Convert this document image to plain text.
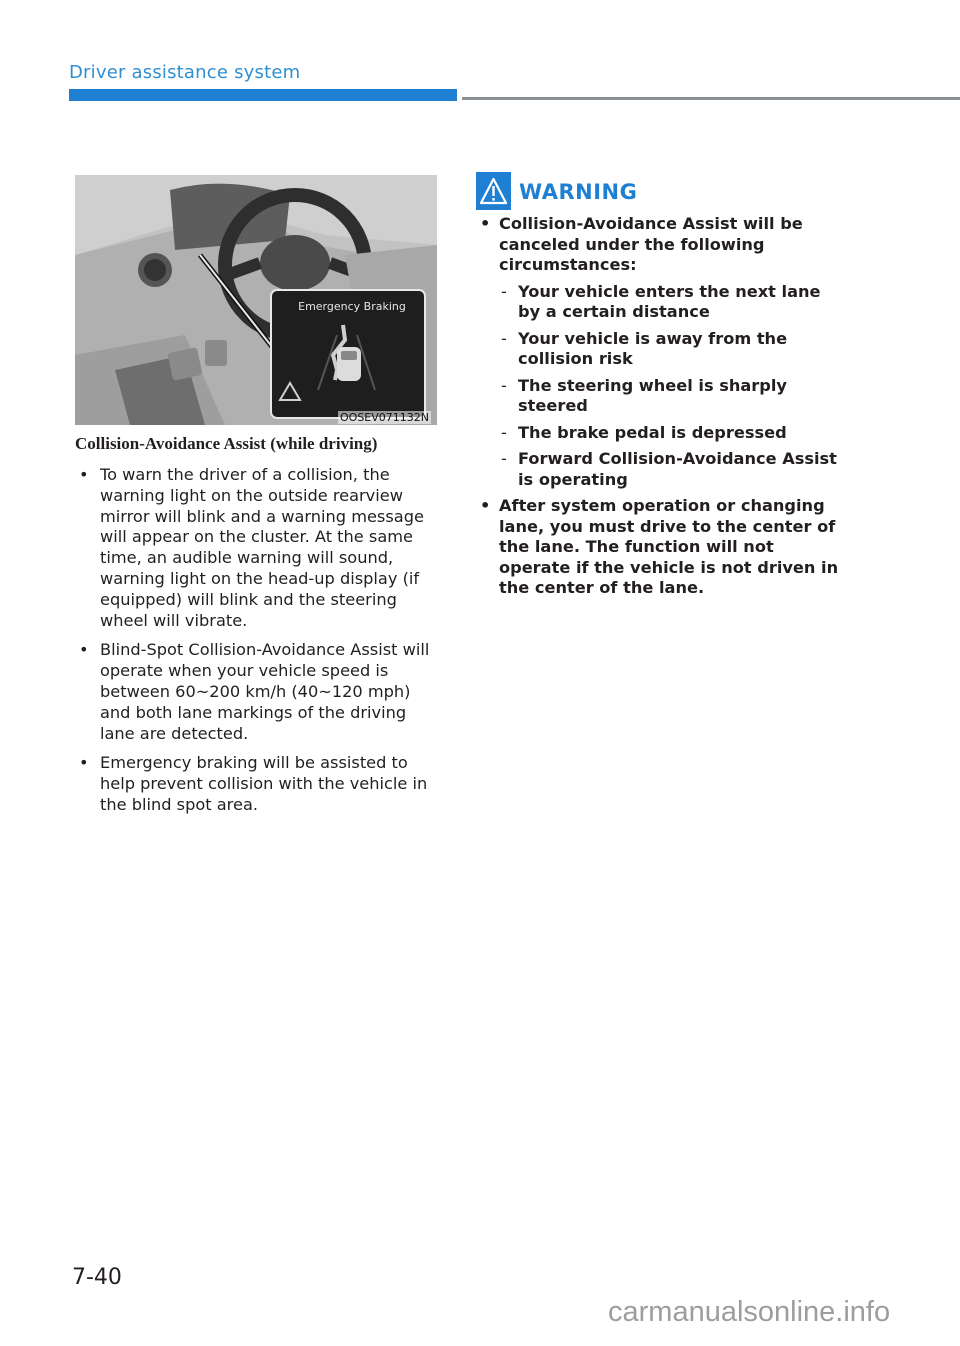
Driver assistance system
Emergency Braking
OOSEV071132N
Collision-Avoidance Assist (while driving)
• To warn the driver of a collision, the warning light on the outside rearview mirror will blink and a warning message will appear on the cluster. At the same time, an audible warning will sound, warning light on the head-up display (if equipped) will blink and the steering wheel will vibrate.
• Blind-Spot Collision-Avoidance Assist will operate when your vehicle speed is between 60~200 km/h (40~120 mph) and both lane markings of the driving lane are detected.
• Emergency braking will be assisted to help prevent collision with the vehicle in the blind spot area.
WARNING
• Collision-Avoidance Assist will be canceled under the following circumstances:
- Your vehicle enters the next lane by a certain distance
- Your vehicle is away from the collision risk
- The steering wheel is sharply steered
- The brake pedal is depressed
- Forward Collision-Avoidance Assist is operating
• After system operation or changing lane, you must drive to the center of the lane. The function will not operate if the vehicle is not driven in the center of the lane.
7-40
carmanualsonline.info
